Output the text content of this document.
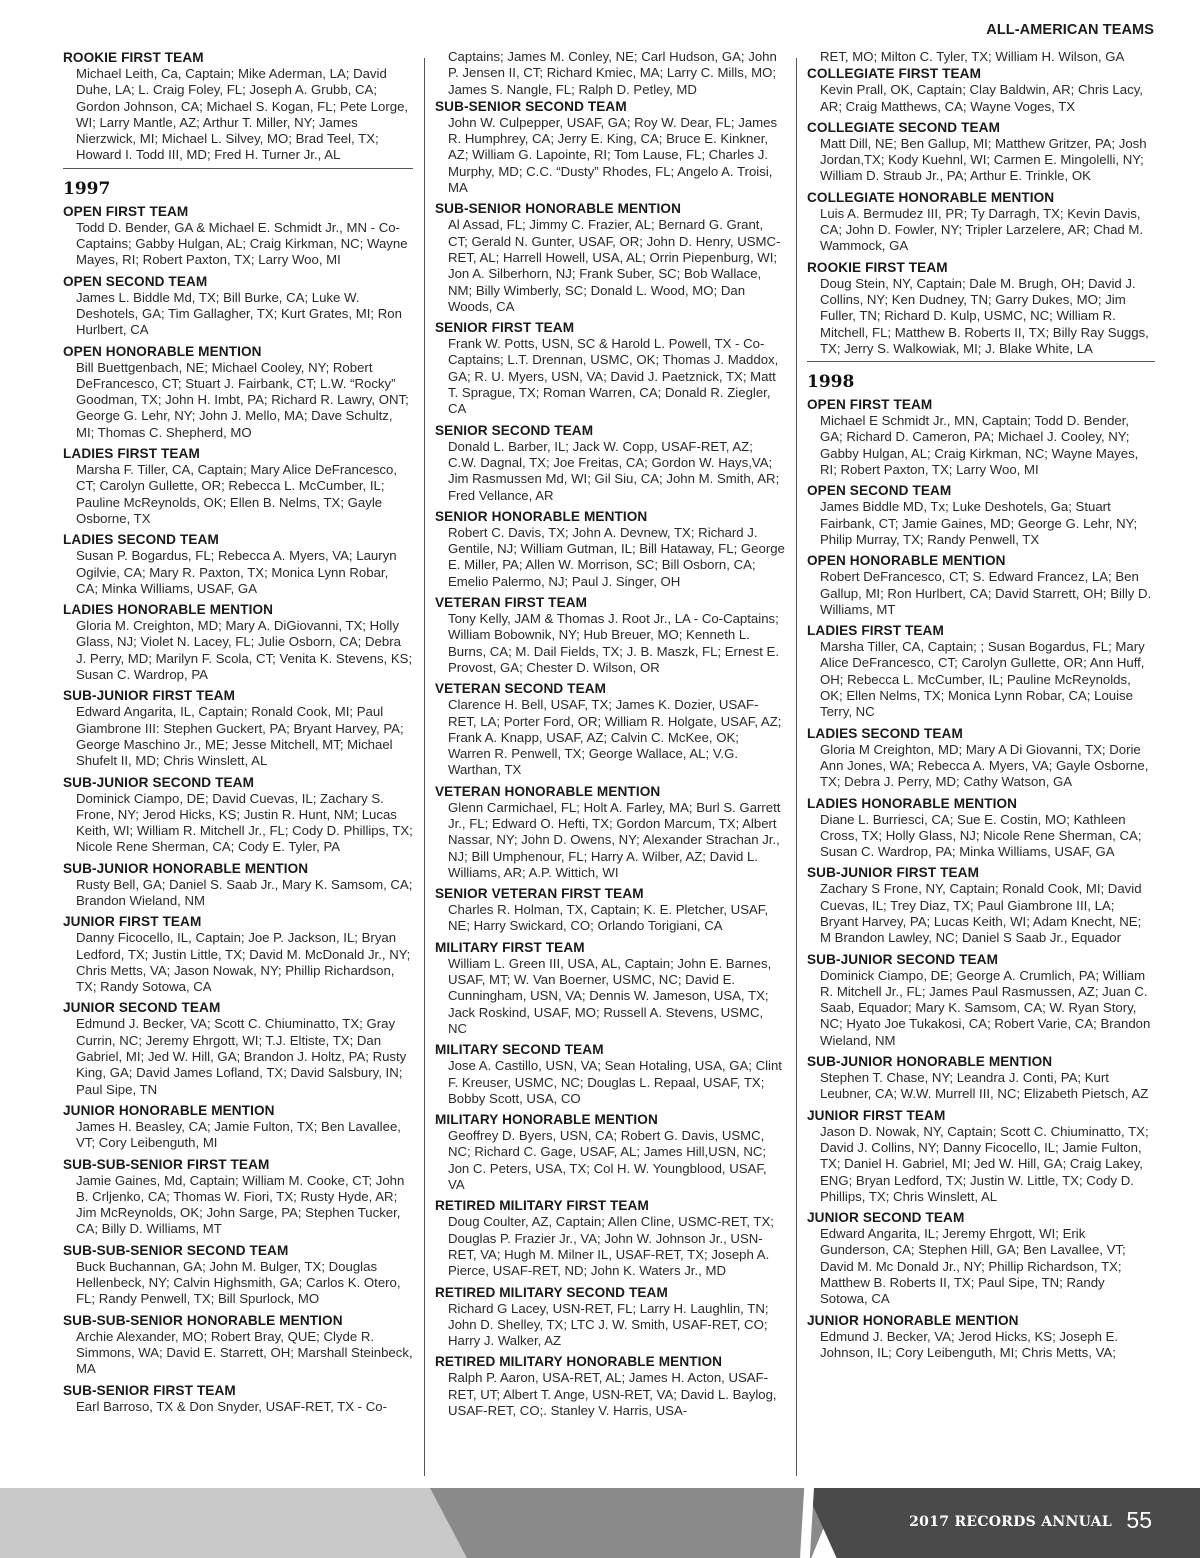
ALL-AMERICAN TEAMS
ROOKIE FIRST TEAM
Michael Leith, Ca, Captain; Mike Aderman, LA; David Duhe, LA; L. Craig Foley, FL; Joseph A. Grubb, CA; Gordon Johnson, CA; Michael S. Kogan, FL; Pete Lorge, WI; Larry Mantle, AZ; Arthur T. Miller, NY; James Nierzwick, MI; Michael L. Silvey, MO; Brad Teel, TX; Howard I. Todd III, MD; Fred H. Turner Jr., AL
1997
OPEN FIRST TEAM
Todd D. Bender, GA & Michael E. Schmidt Jr., MN - Co-Captains; Gabby Hulgan, AL; Craig Kirkman, NC; Wayne Mayes, RI; Robert Paxton, TX; Larry Woo, MI
OPEN SECOND TEAM
James L. Biddle Md, TX; Bill Burke, CA; Luke W. Deshotels, GA; Tim Gallagher, TX; Kurt Grates, MI; Ron Hurlbert, CA
OPEN HONORABLE MENTION
Bill Buettgenbach, NE; Michael Cooley, NY; Robert DeFrancesco, CT; Stuart J. Fairbank, CT; L.W. “Rocky” Goodman, TX; John H. Imbt, PA; Richard R. Lawry, ONT; George G. Lehr, NY; John J. Mello, MA; Dave Schultz, MI; Thomas C. Shepherd, MO
LADIES FIRST TEAM
Marsha F. Tiller, CA, Captain; Mary Alice DeFrancesco, CT; Carolyn Gullette, OR; Rebecca L. McCumber, IL; Pauline McReynolds, OK; Ellen B. Nelms, TX; Gayle Osborne, TX
LADIES SECOND TEAM
Susan P. Bogardus, FL; Rebecca A. Myers, VA; Lauryn Ogilvie, CA; Mary R. Paxton, TX; Monica Lynn Robar, CA; Minka Williams, USAF, GA
LADIES HONORABLE MENTION
Gloria M. Creighton, MD; Mary A. DiGiovanni, TX; Holly Glass, NJ; Violet N. Lacey, FL; Julie Osborn, CA; Debra J. Perry, MD; Marilyn F. Scola, CT; Venita K. Stevens, KS; Susan C. Wardrop, PA
SUB-JUNIOR FIRST TEAM
Edward Angarita, IL, Captain; Ronald Cook, MI; Paul Giambrone III: Stephen Guckert, PA; Bryant Harvey, PA; George Maschino Jr., ME; Jesse Mitchell, MT; Michael Shufelt II, MD; Chris Winslett, AL
SUB-JUNIOR SECOND TEAM
Dominick Ciampo, DE; David Cuevas, IL; Zachary S. Frone, NY; Jerod Hicks, KS; Justin R. Hunt, NM; Lucas Keith, WI; William R. Mitchell Jr., FL; Cody D. Phillips, TX; Nicole Rene Sherman, CA; Cody E. Tyler, PA
SUB-JUNIOR HONORABLE MENTION
Rusty Bell, GA; Daniel S. Saab Jr., Mary K. Samsom, CA; Brandon Wieland, NM
JUNIOR FIRST TEAM
Danny Ficocello, IL, Captain; Joe P. Jackson, IL; Bryan Ledford, TX; Justin Little, TX; David M. McDonald Jr., NY; Chris Metts, VA; Jason Nowak, NY; Phillip Richardson, TX; Randy Sotowa, CA
JUNIOR SECOND TEAM
Edmund J. Becker, VA; Scott C. Chiuminatto, TX; Gray Currin, NC; Jeremy Ehrgott, WI; T.J. Eltiste, TX; Dan Gabriel, MI; Jed W. Hill, GA; Brandon J. Holtz, PA; Rusty King, GA; David James Lofland, TX; David Salsbury, IN; Paul Sipe, TN
JUNIOR HONORABLE MENTION
James H. Beasley, CA; Jamie Fulton, TX; Ben Lavallee, VT; Cory Leibenguth, MI
SUB-SUB-SENIOR FIRST TEAM
Jamie Gaines, Md, Captain; William M. Cooke, CT; John B. Crljenko, CA; Thomas W. Fiori, TX; Rusty Hyde, AR; Jim McReynolds, OK; John Sarge, PA; Stephen Tucker, CA; Billy D. Williams, MT
SUB-SUB-SENIOR SECOND TEAM
Buck Buchannan, GA; John M. Bulger, TX; Douglas Hellenbeck, NY; Calvin Highsmith, GA; Carlos K. Otero, FL; Randy Penwell, TX; Bill Spurlock, MO
SUB-SUB-SENIOR HONORABLE MENTION
Archie Alexander, MO; Robert Bray, QUE; Clyde R. Simmons, WA; David E. Starrett, OH; Marshall Steinbeck, MA
SUB-SENIOR FIRST TEAM
Earl Barroso, TX & Don Snyder, USAF-RET, TX - Co-
Captains; James M. Conley, NE; Carl Hudson, GA; John P. Jensen II, CT; Richard Kmiec, MA; Larry C. Mills, MO; James S. Nangle, FL; Ralph D. Petley, MD
SUB-SENIOR SECOND TEAM
John W. Culpepper, USAF, GA; Roy W. Dear, FL; James R. Humphrey, CA; Jerry E. King, CA; Bruce E. Kinkner, AZ; William G. Lapointe, RI; Tom Lause, FL; Charles J. Murphy, MD; C.C. “Dusty” Rhodes, FL; Angelo A. Troisi, MA
SUB-SENIOR HONORABLE MENTION
Al Assad, FL; Jimmy C. Frazier, AL; Bernard G. Grant, CT; Gerald N. Gunter, USAF, OR; John D. Henry, USMC-RET, AL; Harrell Howell, USA, AL; Orrin Piepenburg, WI; Jon A. Silberhorn, NJ; Frank Suber, SC; Bob Wallace, NM; Billy Wimberly, SC; Donald L. Wood, MO; Dan Woods, CA
SENIOR FIRST TEAM
Frank W. Potts, USN, SC & Harold L. Powell, TX - Co-Captains; L.T. Drennan, USMC, OK; Thomas J. Maddox, GA; R. U. Myers, USN, VA; David J. Paetznick, TX; Matt T. Sprague, TX; Roman Warren, CA; Donald R. Ziegler, CA
SENIOR SECOND TEAM
Donald L. Barber, IL; Jack W. Copp, USAF-RET, AZ; C.W. Dagnal, TX; Joe Freitas, CA; Gordon W. Hays,VA; Jim Rasmussen Md, WI; Gil Siu, CA; John M. Smith, AR; Fred Vellance, AR
SENIOR HONORABLE MENTION
Robert C. Davis, TX; John A. Devnew, TX; Richard J. Gentile, NJ; William Gutman, IL; Bill Hataway, FL; George E. Miller, PA; Allen W. Morrison, SC; Bill Osborn, CA; Emelio Palermo, NJ; Paul J. Singer, OH
VETERAN FIRST TEAM
Tony Kelly, JAM & Thomas J. Root Jr., LA - Co-Captains; William Bobownik, NY; Hub Breuer, MO; Kenneth L. Burns, CA; M. Dail Fields, TX; J. B. Maszk, FL; Ernest E. Provost, GA; Chester D. Wilson, OR
VETERAN SECOND TEAM
Clarence H. Bell, USAF, TX; James K. Dozier, USAF-RET, LA; Porter Ford, OR; William R. Holgate, USAF, AZ; Frank A. Knapp, USAF, AZ; Calvin C. McKee, OK; Warren R. Penwell, TX; George Wallace, AL; V.G. Warthan, TX
VETERAN HONORABLE MENTION
Glenn Carmichael, FL; Holt A. Farley, MA; Burl S. Garrett Jr., FL; Edward O. Hefti, TX; Gordon Marcum, TX; Albert Nassar, NY; John D. Owens, NY; Alexander Strachan Jr., NJ; Bill Umphenour, FL; Harry A. Wilber, AZ; David L. Williams, AR; A.P. Wittich, WI
SENIOR VETERAN FIRST TEAM
Charles R. Holman, TX, Captain; K. E. Pletcher, USAF, NE; Harry Swickard, CO; Orlando Torigiani, CA
MILITARY FIRST TEAM
William L. Green III, USA, AL, Captain; John E. Barnes, USAF, MT; W. Van Boerner, USMC, NC; David E. Cunningham, USN, VA; Dennis W. Jameson, USA, TX; Jack Roskind, USAF, MO; Russell A. Stevens, USMC, NC
MILITARY SECOND TEAM
Jose A. Castillo, USN, VA; Sean Hotaling, USA, GA; Clint F. Kreuser, USMC, NC; Douglas L. Repaal, USAF, TX; Bobby Scott, USA, CO
MILITARY HONORABLE MENTION
Geoffrey D. Byers, USN, CA; Robert G. Davis, USMC, NC; Richard C. Gage, USAF, AL; James Hill,USN, NC; Jon C. Peters, USA, TX; Col H. W. Youngblood, USAF, VA
RETIRED MILITARY FIRST TEAM
Doug Coulter, AZ, Captain; Allen Cline, USMC-RET, TX; Douglas P. Frazier Jr., VA; John W. Johnson Jr., USN-RET, VA; Hugh M. Milner IL, USAF-RET, TX; Joseph A. Pierce, USAF-RET, ND; John K. Waters Jr., MD
RETIRED MILITARY SECOND TEAM
Richard G Lacey, USN-RET, FL; Larry H. Laughlin, TN; John D. Shelley, TX; LTC J. W. Smith, USAF-RET, CO; Harry J. Walker, AZ
RETIRED MILITARY HONORABLE MENTION
Ralph P. Aaron, USA-RET, AL; James H. Acton, USAF-RET, UT; Albert T. Ange, USN-RET, VA; David L. Baylog, USAF-RET, CO;. Stanley V. Harris, USA-
RET, MO; Milton C. Tyler, TX; William H. Wilson, GA
COLLEGIATE FIRST TEAM
Kevin Prall, OK, Captain; Clay Baldwin, AR; Chris Lacy, AR; Craig Matthews, CA; Wayne Voges, TX
COLLEGIATE SECOND TEAM
Matt Dill, NE; Ben Gallup, MI; Matthew Gritzer, PA; Josh Jordan,TX; Kody Kuehnl, WI; Carmen E. Mingolelli, NY; William D. Straub Jr., PA; Arthur E. Trinkle, OK
COLLEGIATE HONORABLE MENTION
Luis A. Bermudez III, PR; Ty Darragh, TX; Kevin Davis, CA; John D. Fowler, NY; Tripler Larzelere, AR; Chad M. Wammock, GA
ROOKIE FIRST TEAM
Doug Stein, NY, Captain; Dale M. Brugh, OH; David J. Collins, NY; Ken Dudney, TN; Garry Dukes, MO; Jim Fuller, TN; Richard D. Kulp, USMC, NC; William R. Mitchell, FL; Matthew B. Roberts II, TX; Billy Ray Suggs, TX; Jerry S. Walkowiak, MI; J. Blake White, LA
1998
OPEN FIRST TEAM
Michael E Schmidt Jr., MN, Captain; Todd D. Bender, GA; Richard D. Cameron, PA; Michael J. Cooley, NY; Gabby Hulgan, AL; Craig Kirkman, NC; Wayne Mayes, RI; Robert Paxton, TX; Larry Woo, MI
OPEN SECOND TEAM
James Biddle MD, Tx; Luke Deshotels, Ga; Stuart Fairbank, CT; Jamie Gaines, MD; George G. Lehr, NY; Philip Murray, TX; Randy Penwell, TX
OPEN HONORABLE MENTION
Robert DeFrancesco, CT; S. Edward Francez, LA; Ben Gallup, MI; Ron Hurlbert, CA; David Starrett, OH; Billy D. Williams, MT
LADIES FIRST TEAM
Marsha Tiller, CA, Captain; ; Susan Bogardus, FL; Mary Alice DeFrancesco, CT; Carolyn Gullette, OR; Ann Huff, OH; Rebecca L. McCumber, IL; Pauline McReynolds, OK; Ellen Nelms, TX; Monica Lynn Robar, CA; Louise Terry, NC
LADIES SECOND TEAM
Gloria M Creighton, MD; Mary A Di Giovanni, TX; Dorie Ann Jones, WA; Rebecca A. Myers, VA; Gayle Osborne, TX; Debra J. Perry, MD; Cathy Watson, GA
LADIES HONORABLE MENTION
Diane L. Burriesci, CA; Sue E. Costin, MO; Kathleen Cross, TX; Holly Glass, NJ; Nicole Rene Sherman, CA; Susan C. Wardrop, PA; Minka Williams, USAF, GA
SUB-JUNIOR FIRST TEAM
Zachary S Frone, NY, Captain; Ronald Cook, MI; David Cuevas, IL; Trey Diaz, TX; Paul Giambrone III, LA; Bryant Harvey, PA; Lucas Keith, WI; Adam Knecht, NE; M Brandon Lawley, NC; Daniel S Saab Jr., Equador
SUB-JUNIOR SECOND TEAM
Dominick Ciampo, DE; George A. Crumlich, PA; William R. Mitchell Jr., FL; James Paul Rasmussen, AZ; Juan C. Saab, Equador; Mary K. Samsom, CA; W. Ryan Story, NC; Hyato Joe Tukakosi, CA; Robert Varie, CA; Brandon Wieland, NM
SUB-JUNIOR HONORABLE MENTION
Stephen T. Chase, NY; Leandra J. Conti, PA; Kurt Leubner, CA; W.W. Murrell III, NC; Elizabeth Pietsch, AZ
JUNIOR FIRST TEAM
Jason D. Nowak, NY, Captain; Scott C. Chiuminatto, TX; David J. Collins, NY; Danny Ficocello, IL; Jamie Fulton, TX; Daniel H. Gabriel, MI; Jed W. Hill, GA; Craig Lakey, ENG; Bryan Ledford, TX; Justin W. Little, TX; Cody D. Phillips, TX; Chris Winslett, AL
JUNIOR SECOND TEAM
Edward Angarita, IL; Jeremy Ehrgott, WI; Erik Gunderson, CA; Stephen Hill, GA; Ben Lavallee, VT; David M. Mc Donald Jr., NY; Phillip Richardson, TX; Matthew B. Roberts II, TX; Paul Sipe, TN; Randy Sotowa, CA
JUNIOR HONORABLE MENTION
Edmund J. Becker, VA; Jerod Hicks, KS; Joseph E. Johnson, IL; Cory Leibenguth, MI; Chris Metts, VA;
2017 RECORDS ANNUAL 55
